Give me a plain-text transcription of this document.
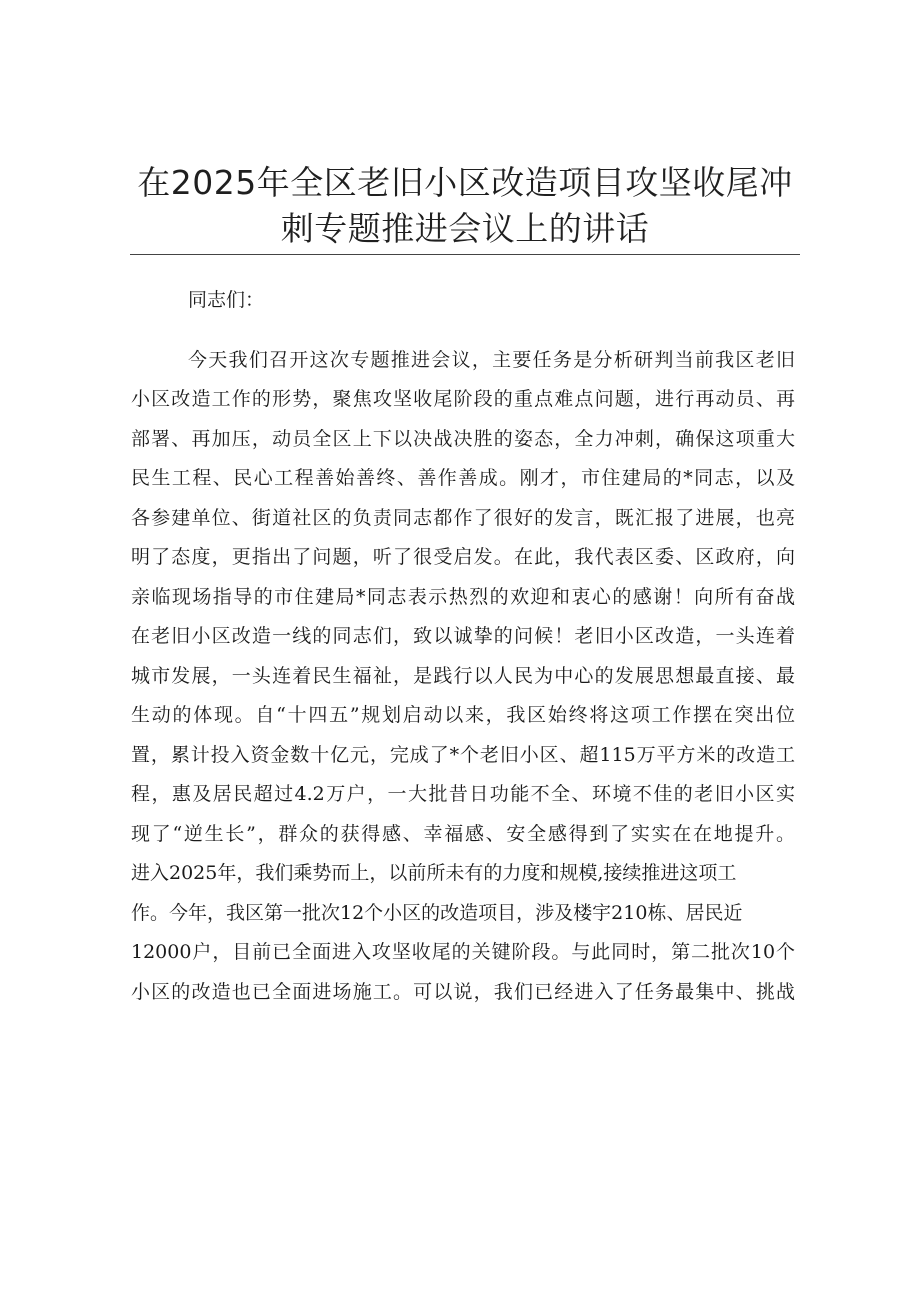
在2025年全区老旧小区改造项目攻坚收尾冲
刺专题推进会议上的讲话
同志们：
今天我们召开这次专题推进会议，主要任务是分析研判当前我区老旧
小区改造工作的形势，聚焦攻坚收尾阶段的重点难点问题，进行再动员、再
部署、再加压，动员全区上下以决战决胜的姿态，全力冲刺，确保这项重大
民生工程、民心工程善始善终、善作善成。刚才，市住建局的*同志，以及
各参建单位、街道社区的负责同志都作了很好的发言，既汇报了进展，也亮
明了态度，更指出了问题，听了很受启发。在此，我代表区委、区政府，向
亲临现场指导的市住建局*同志表示热烈的欢迎和衷心的感谢！向所有奋战
在老旧小区改造一线的同志们，致以诚挚的问候！老旧小区改造，一头连着
城市发展，一头连着民生福祉，是践行以人民为中心的发展思想最直接、最
生动的体现。自“十四五”规划启动以来，我区始终将这项工作摆在突出位
置，累计投入资金数十亿元，完成了*个老旧小区、超115万平方米的改造工
程，惠及居民超过4.2万户，一大批昔日功能不全、环境不佳的老旧小区实
现了“逆生长”，群众的获得感、幸福感、安全感得到了实实在在地提升。
进入2025年，我们乘势而上，以前所未有的力度和规模,接续推进这项工
作。今年，我区第一批次12个小区的改造项目，涉及楼宇210栋、居民近
12000户，目前已全面进入攻坚收尾的关键阶段。与此同时，第二批次10个
小区的改造也已全面进场施工。可以说，我们已经进入了任务最集中、挑战
